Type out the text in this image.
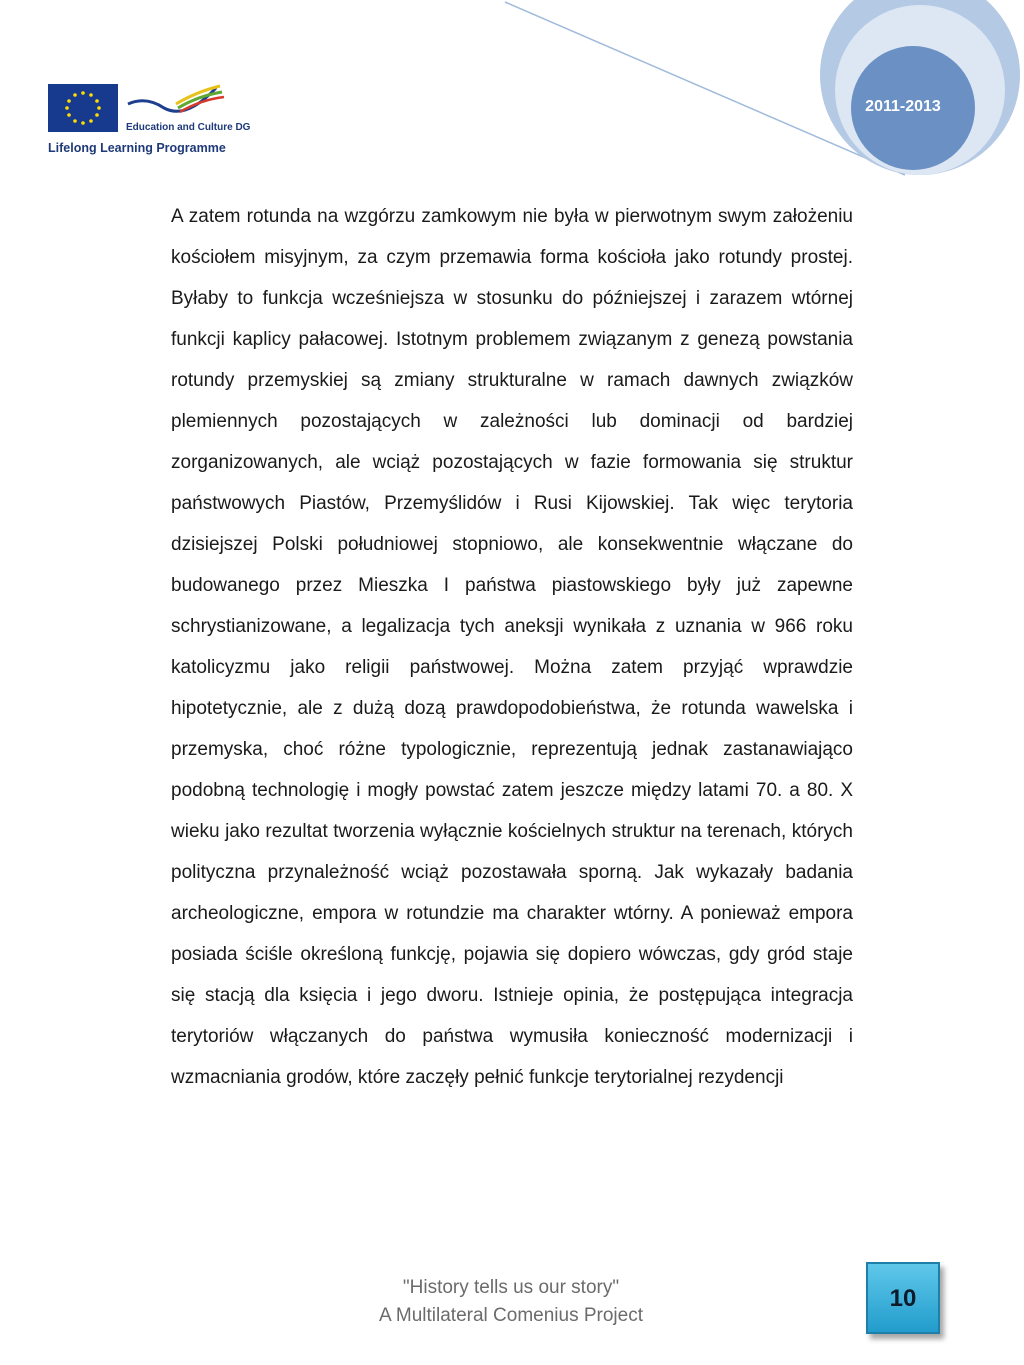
2011-2013
Education and Culture DG
Lifelong Learning Programme

A zatem rotunda na wzgórzu zamkowym nie była w pierwotnym swym założeniu kościołem misyjnym, za czym przemawia forma kościoła jako rotundy prostej. Byłaby to funkcja wcześniejsza w stosunku do późniejszej i zarazem wtórnej funkcji kaplicy pałacowej. Istotnym problemem związanym z genezą powstania rotundy przemyskiej są zmiany strukturalne w ramach dawnych związków plemiennych pozostających w zależności lub dominacji od bardziej zorganizowanych, ale wciąż pozostających w fazie formowania się struktur państwowych Piastów, Przemyślidów i Rusi Kijowskiej. Tak więc terytoria dzisiejszej Polski południowej stopniowo, ale konsekwentnie włączane do budowanego przez Mieszka I państwa piastowskiego były już zapewne schrystianizowane, a legalizacja tych aneksji wynikała z uznania w 966 roku katolicyzmu jako religii państwowej. Można zatem przyjąć wprawdzie hipotetycznie, ale z dużą dozą prawdopodobieństwa, że rotunda wawelska i przemyska, choć różne typologicznie, reprezentują jednak zastanawiająco podobną technologię i mogły powstać zatem jeszcze między latami 70. a 80. X wieku jako rezultat tworzenia wyłącznie kościelnych struktur na terenach, których polityczna przynależność wciąż pozostawała sporną. Jak wykazały badania archeologiczne, empora w rotundzie ma charakter wtórny. A ponieważ empora posiada ściśle określoną funkcję, pojawia się dopiero wówczas, gdy gród staje się stacją dla księcia i jego dworu. Istnieje opinia, że postępująca integracja terytoriów włączanych do państwa wymusiła konieczność modernizacji i wzmacniania grodów, które zaczęły pełnić funkcje terytorialnej rezydencji

"History tells us our story"
A Multilateral Comenius Project
10
